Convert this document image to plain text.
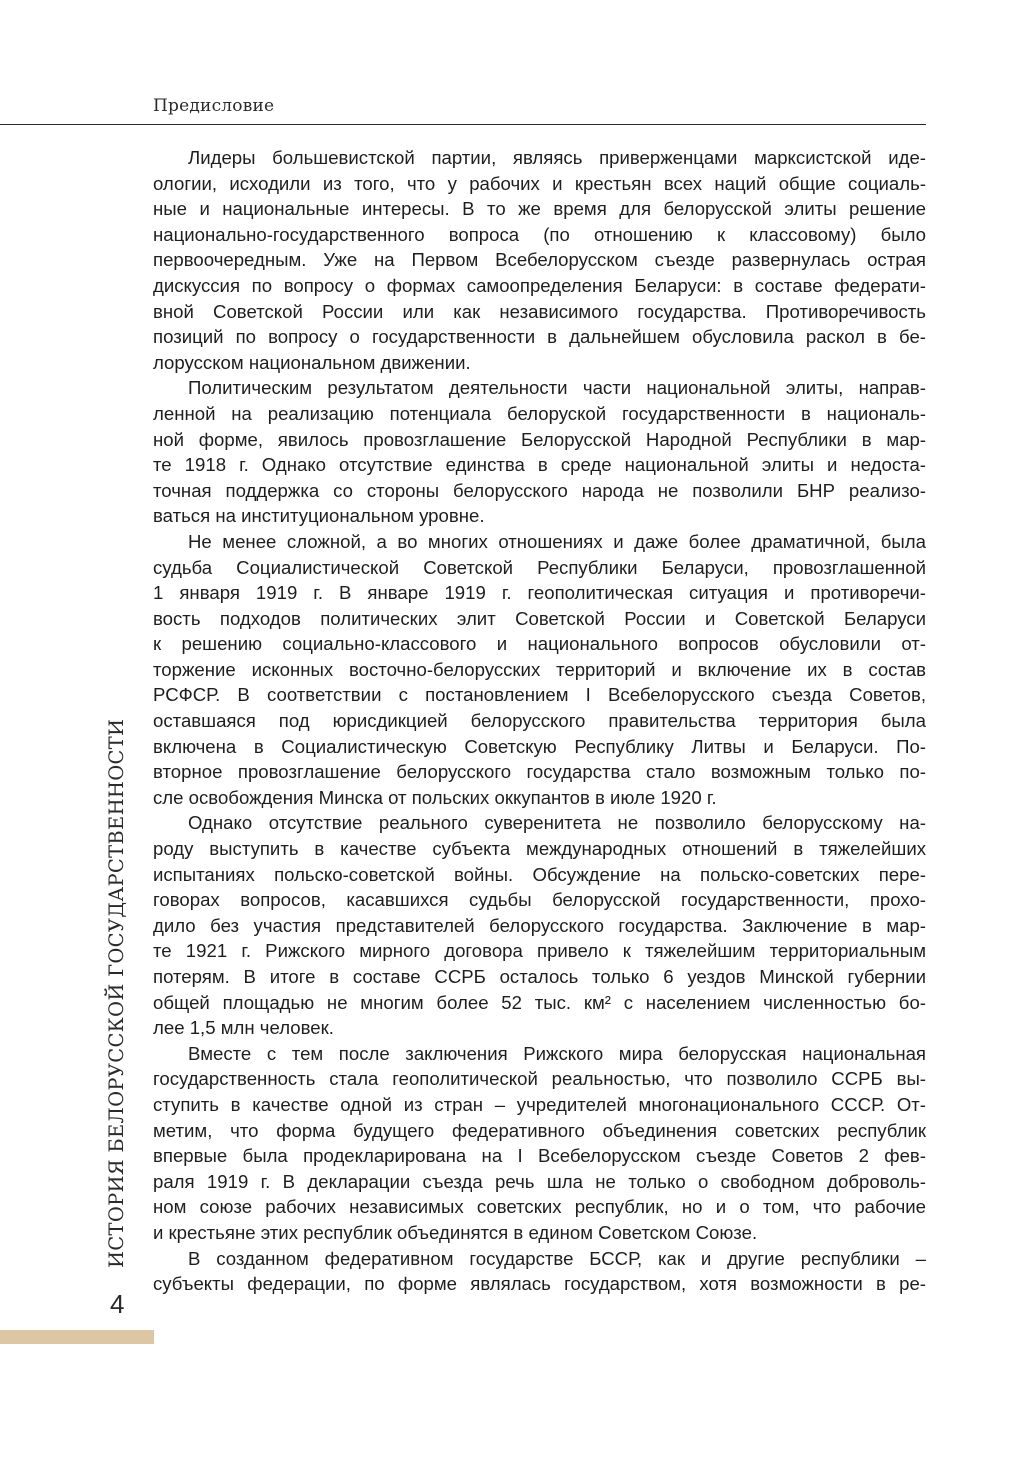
Предисловие
Лидеры большевистской партии, являясь приверженцами марксистской иде-
ологии, исходили из того, что у рабочих и крестьян всех наций общие социаль-
ные и национальные интересы. В то же время для белорусской элиты решение
национально-государственного вопроса (по отношению к классовому) было
первоочередным. Уже на Первом Всебелорусском съезде развернулась острая
дискуссия по вопросу о формах самоопределения Беларуси: в составе федерати-
вной Советской России или как независимого государства. Противоречивость
позиций по вопросу о государственности в дальнейшем обусловила раскол в бе-
лорусском национальном движении.
Политическим результатом деятельности части национальной элиты, направ-
ленной на реализацию потенциала белоруской государственности в националь-
ной форме, явилось провозглашение Белорусской Народной Республики в мар-
те 1918 г. Однако отсутствие единства в среде национальной элиты и недоста-
точная поддержка со стороны белорусского народа не позволили БНР реализо-
ваться на институциональном уровне.
Не менее сложной, а во многих отношениях и даже более драматичной, была
судьба Социалистической Советской Республики Беларуси, провозглашенной
1 января 1919 г. В январе 1919 г. геополитическая ситуация и противоречи-
вость подходов политических элит Советской России и Советской Беларуси
к решению социально-классового и национального вопросов обусловили от-
торжение исконных восточно-белорусских территорий и включение их в состав
РСФСР. В соответствии с постановлением I Всебелорусского съезда Советов,
оставшаяся под юрисдикцией белорусского правительства территория была
включена в Социалистическую Советскую Республику Литвы и Беларуси. По-
вторное провозглашение белорусского государства стало возможным только по-
сле освобождения Минска от польских оккупантов в июле 1920 г.
Однако отсутствие реального суверенитета не позволило белорусскому на-
роду выступить в качестве субъекта международных отношений в тяжелейших
испытаниях польско-советской войны. Обсуждение на польско-советских пере-
говорах вопросов, касавшихся судьбы белорусской государственности, прохо-
дило без участия представителей белорусского государства. Заключение в мар-
те 1921 г. Рижского мирного договора привело к тяжелейшим территориальным
потерям. В итоге в составе ССРБ осталось только 6 уездов Минской губернии
общей площадью не многим более 52 тыс. км² с населением численностью бо-
лее 1,5 млн человек.
Вместе с тем после заключения Рижского мира белорусская национальная
государственность стала геополитической реальностью, что позволило ССРБ вы-
ступить в качестве одной из стран – учредителей многонационального СССР. От-
метим, что форма будущего федеративного объединения советских республик
впервые была продекларирована на I Всебелорусском съезде Советов 2 фев-
раля 1919 г. В декларации съезда речь шла не только о свободном доброволь-
ном союзе рабочих независимых советских республик, но и о том, что рабочие
и крестьяне этих республик объединятся в едином Советском Союзе.
В созданном федеративном государстве БССР, как и другие республики –
субъекты федерации, по форме являлась государством, хотя возможности в ре-
ИСТОРИЯ БЕЛОРУССКОЙ ГОСУДАРСТВЕННОСТИ
4
